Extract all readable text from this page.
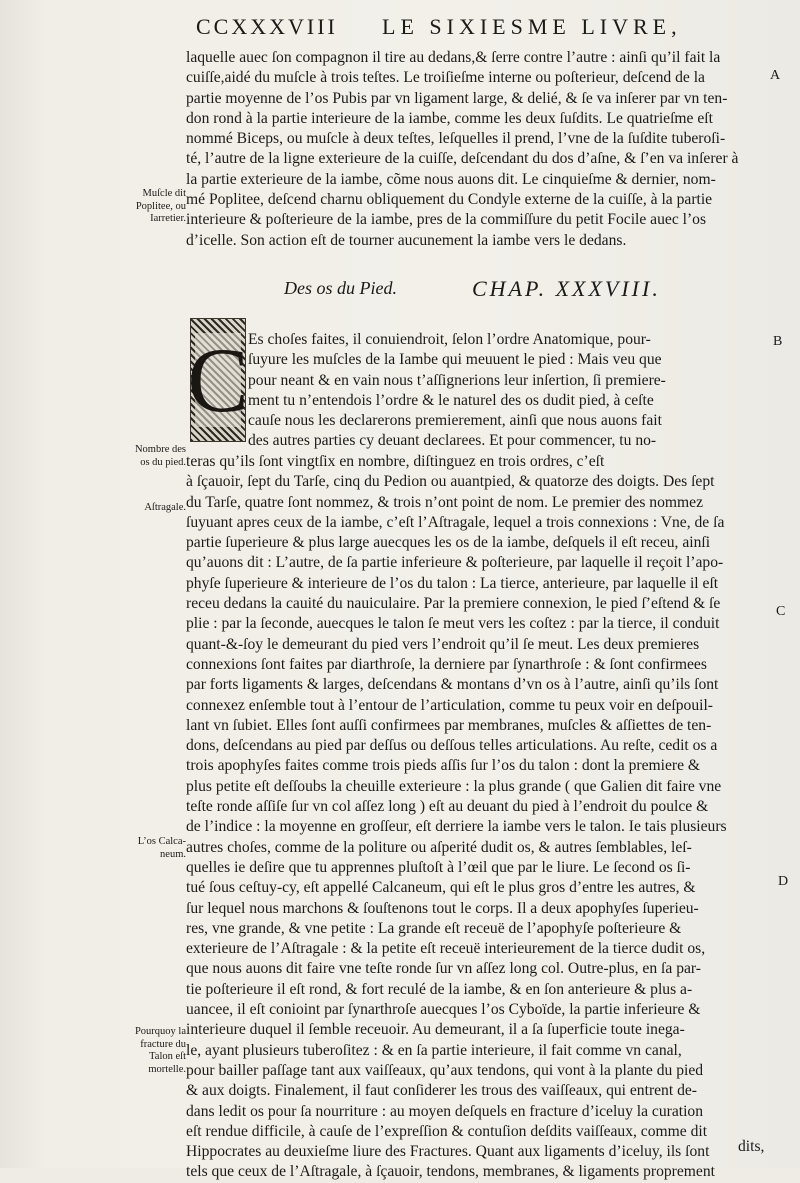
CCXXXVIII LE SIXIESME LIVRE,
laquelle auec ſon compagnon il tire au dedans,& ſerre contre l’autre : ainſi qu’il fait la
cuiſſe,aidé du muſcle à trois teſtes. Le troiſieſme interne ou poſterieur, deſcend de la
partie moyenne de l’os Pubis par vn ligament large, & delié, & ſe va inſerer par vn ten-
don rond à la partie interieure de la iambe, comme les deux ſuſdits. Le quatrieſme eſt
nommé Biceps, ou muſcle à deux teſtes, leſquelles il prend, l’vne de la ſuſdite tuberoſi-
té, l’autre de la ligne exterieure de la cuiſſe, deſcendant du dos d’aſne, & ſ’en va inſerer à
la partie exterieure de la iambe, cõme nous auons dit. Le cinquieſme & dernier, nom-
mé Poplitee, deſcend charnu obliquement du Condyle externe de la cuiſſe, à la partie
interieure & poſterieure de la iambe, pres de la commiſſure du petit Focile auec l’os
d’icelle. Son action eſt de tourner aucunement la iambe vers le dedans.
Des os du Pied.	CHAP. XXXVIII.
C Es choſes faites, il conuiendroit, ſelon l’ordre Anatomique, pour-
ſuyure les muſcles de la Iambe qui meuuent le pied : Mais veu que
pour neant & en vain nous t’aſſignerions leur inſertion, ſi premiere-
ment tu n’entendois l’ordre & le naturel des os dudit pied, à ceſte
cauſe nous les declarerons premierement, ainſi que nous auons fait
des autres parties cy deuant declarees. Et pour commencer, tu no-
teras qu’ils ſont vingtſix en nombre, diſtinguez en trois ordres, c’eſt
à ſçauoir, ſept du Tarſe, cinq du Pedion ou auantpied, & quatorze des doigts. Des ſept
du Tarſe, quatre ſont nommez, & trois n’ont point de nom. Le premier des nommez
ſuyuant apres ceux de la iambe, c’eſt l’Aſtragale, lequel a trois connexions : Vne, de ſa
partie ſuperieure & plus large auecques les os de la iambe, deſquels il eſt receu, ainſi
qu’auons dit : L’autre, de ſa partie inferieure & poſterieure, par laquelle il reçoit l’apo-
phyſe ſuperieure & interieure de l’os du talon : La tierce, anterieure, par laquelle il eſt
receu dedans la cauité du nauiculaire. Par la premiere connexion, le pied ſ’eſtend & ſe
plie : par la ſeconde, auecques le talon ſe meut vers les coſtez : par la tierce, il conduit
quant-&-ſoy le demeurant du pied vers l’endroit qu’il ſe meut. Les deux premieres
connexions ſont faites par diarthroſe, la derniere par ſynarthroſe : & ſont confirmees
par forts ligaments & larges, deſcendans & montans d’vn os à l’autre, ainſi qu’ils ſont
connexez enſemble tout à l’entour de l’articulation, comme tu peux voir en deſpouil-
lant vn ſubiet. Elles ſont auſſi confirmees par membranes, muſcles & aſſiettes de ten-
dons, deſcendans au pied par deſſus ou deſſous telles articulations. Au reſte, cedit os a
trois apophyſes faites comme trois pieds aſſis ſur l’os du talon : dont la premiere &
plus petite eſt deſſoubs la cheuille exterieure : la plus grande ( que Galien dit faire vne
teſte ronde aſſiſe ſur vn col aſſez long ) eſt au deuant du pied à l’endroit du poulce &
de l’indice : la moyenne en groſſeur, eſt derriere la iambe vers le talon. Ie tais plusieurs
autres choſes, comme de la politure ou aſperité dudit os, & autres ſemblables, leſ-
quelles ie deſire que tu apprennes pluſtoſt à l’œil que par le liure. Le ſecond os ſi-
tué ſous ceſtuy-cy, eſt appellé Calcaneum, qui eſt le plus gros d’entre les autres, &
ſur lequel nous marchons & ſouſtenons tout le corps. Il a deux apophyſes ſuperieu-
res, vne grande, & vne petite : La grande eſt receuë de l’apophyſe poſterieure &
exterieure de l’Aſtragale : & la petite eſt receuë interieurement de la tierce dudit os,
que nous auons dit faire vne teſte ronde ſur vn aſſez long col. Outre-plus, en ſa par-
tie poſterieure il eſt rond, & fort reculé de la iambe, & en ſon anterieure & plus a-
uancee, il eſt conioint par ſynarthroſe auecques l’os Cyboïde, la partie inferieure &
interieure duquel il ſemble receuoir. Au demeurant, il a ſa ſuperficie toute inega-
le, ayant plusieurs tuberoſitez : & en ſa partie interieure, il fait comme vn canal,
pour bailler paſſage tant aux vaiſſeaux, qu’aux tendons, qui vont à la plante du pied
& aux doigts. Finalement, il faut conſiderer les trous des vaiſſeaux, qui entrent de-
dans ledit os pour ſa nourriture : au moyen deſquels en fracture d’iceluy la curation
eſt rendue difficile, à cauſe de l’expreſſion & contuſion deſdits vaiſſeaux, comme dit
Hippocrates au deuxieſme liure des Fractures. Quant aux ligaments d’iceluy, ils ſont
tels que ceux de l’Aſtragale, à ſçauoir, tendons, membranes, & ligaments proprement
dits,
Muſcle dit
Poplitee, ou
Iarretier.
Nombre des
os du pied.
Aſtragale.
L’os Calca-
neum.
Pourquoy la
fracture du
Talon eſt
mortelle.
A
B
C
D
